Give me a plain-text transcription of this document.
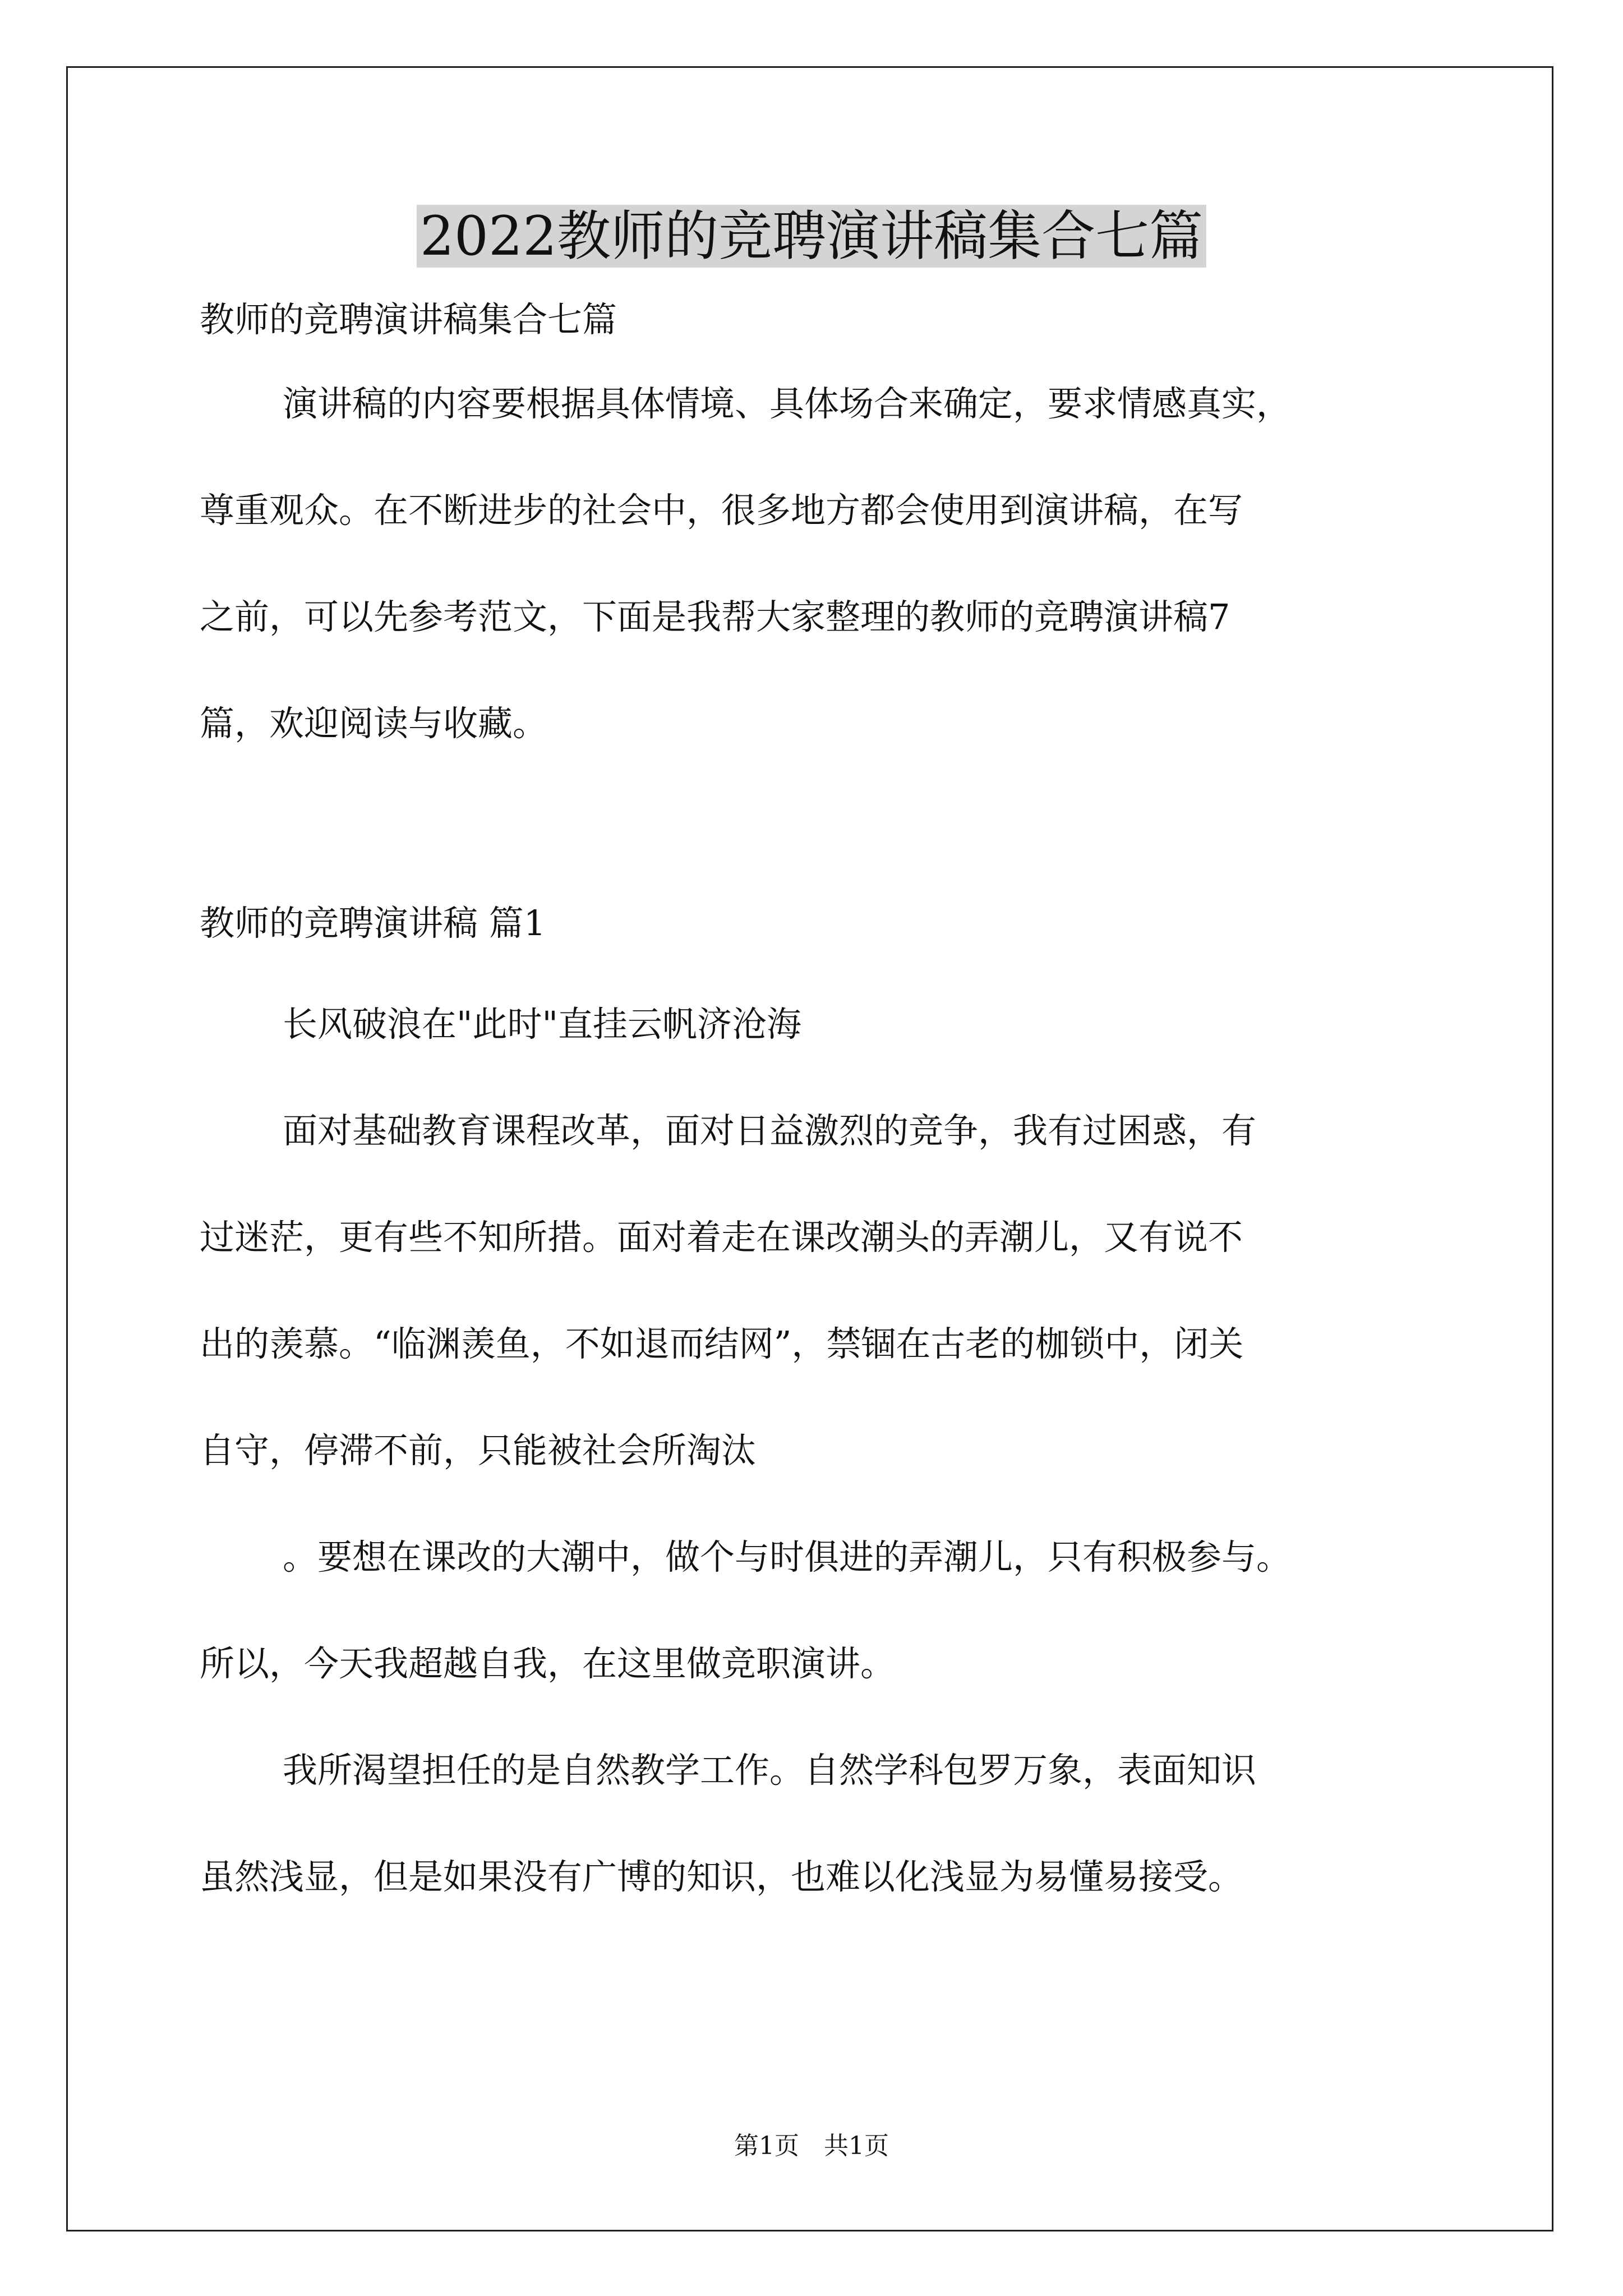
2022教师的竞聘演讲稿集合七篇
教师的竞聘演讲稿集合七篇
演讲稿的内容要根据具体情境、具体场合来确定，要求情感真实，
尊重观众。在不断进步的社会中，很多地方都会使用到演讲稿，在写
之前，可以先参考范文，下面是我帮大家整理的教师的竞聘演讲稿7
篇，欢迎阅读与收藏。
教师的竞聘演讲稿 篇1
长风破浪在"此时"直挂云帆济沧海
面对基础教育课程改革，面对日益激烈的竞争，我有过困惑，有
过迷茫，更有些不知所措。面对着走在课改潮头的弄潮儿，又有说不
出的羡慕。“临渊羡鱼，不如退而结网”，禁锢在古老的枷锁中，闭关
自守，停滞不前，只能被社会所淘汰
。要想在课改的大潮中，做个与时俱进的弄潮儿，只有积极参与。
所以，今天我超越自我，在这里做竞职演讲。
我所渴望担任的是自然教学工作。自然学科包罗万象，表面知识
虽然浅显，但是如果没有广博的知识，也难以化浅显为易懂易接受。
第1页　共1页
